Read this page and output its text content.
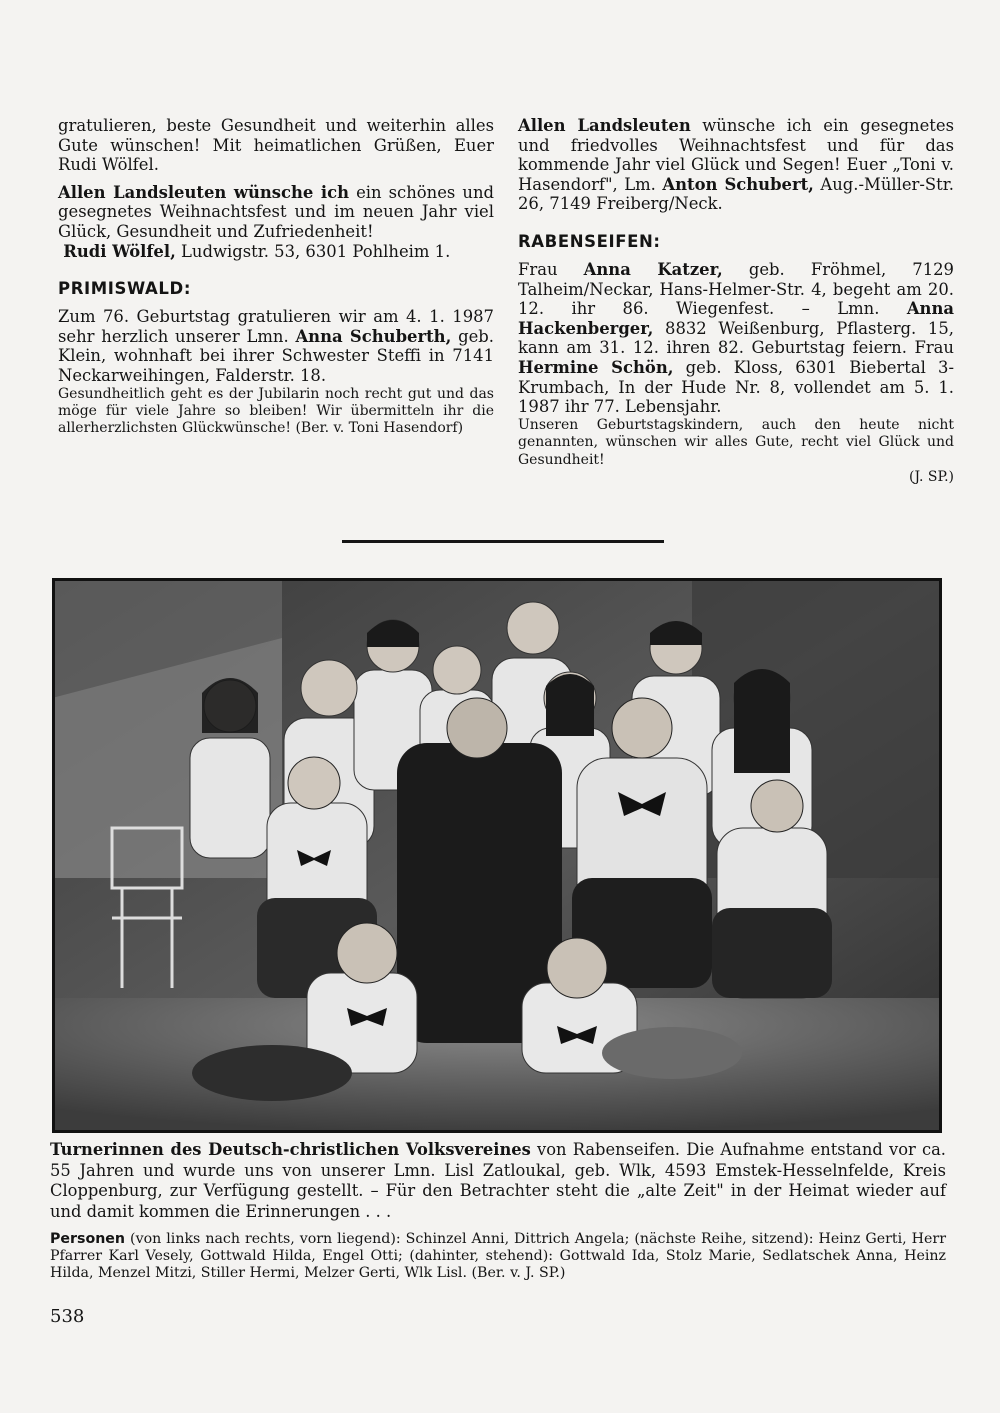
gratulieren, beste Gesundheit und weiterhin alles Gute wünschen! Mit heimatlichen Grüßen, Euer Rudi Wölfel.

Allen Landsleuten wünsche ich ein schönes und gesegnetes Weihnachtsfest und im neuen Jahr viel Glück, Gesundheit und Zufriedenheit!

Rudi Wölfel, Ludwigstr. 53, 6301 Pohlheim 1.

PRIMISWALD:

Zum 76. Geburtstag gratulieren wir am 4. 1. 1987 sehr herzlich unserer Lmn. Anna Schuberth, geb. Klein, wohnhaft bei ihrer Schwester Steffi in 7141 Neckarweihingen, Falderstr. 18.

Gesundheitlich geht es der Jubilarin noch recht gut und das möge für viele Jahre so bleiben! Wir übermitteln ihr die allerherzlichsten Glückwünsche! (Ber. v. Toni Hasendorf)

Allen Landsleuten wünsche ich ein gesegnetes und friedvolles Weihnachtsfest und für das kommende Jahr viel Glück und Segen! Euer „Toni v. Hasendorf", Lm. Anton Schubert, Aug.-Müller-Str. 26, 7149 Freiberg/Neck.

RABENSEIFEN:

Frau Anna Katzer, geb. Fröhmel, 7129 Talheim/Neckar, Hans-Helmer-Str. 4, begeht am 20. 12. ihr 86. Wiegenfest. – Lmn. Anna Hackenberger, 8832 Weißenburg, Pflasterg. 15, kann am 31. 12. ihren 82. Geburtstag feiern. Frau Hermine Schön, geb. Kloss, 6301 Biebertal 3-Krumbach, In der Hude Nr. 8, vollendet am 5. 1. 1987 ihr 77. Lebensjahr.

Unseren Geburtstagskindern, auch den heute nicht genannten, wünschen wir alles Gute, recht viel Glück und Gesundheit!

(J. SP.)

Turnerinnen des Deutsch-christlichen Volksvereines von Rabenseifen. Die Aufnahme entstand vor ca. 55 Jahren und wurde uns von unserer Lmn. Lisl Zatloukal, geb. Wlk, 4593 Emstek-Hesselnfelde, Kreis Cloppenburg, zur Verfügung gestellt. – Für den Betrachter steht die „alte Zeit" in der Heimat wieder auf und damit kommen die Erinnerungen . . .

Personen (von links nach rechts, vorn liegend): Schinzel Anni, Dittrich Angela; (nächste Reihe, sitzend): Heinz Gerti, Herr Pfarrer Karl Vesely, Gottwald Hilda, Engel Otti; (dahinter, stehend): Gottwald Ida, Stolz Marie, Sedlatschek Anna, Heinz Hilda, Menzel Mitzi, Stiller Hermi, Melzer Gerti, Wlk Lisl. (Ber. v. J. SP.)

538
